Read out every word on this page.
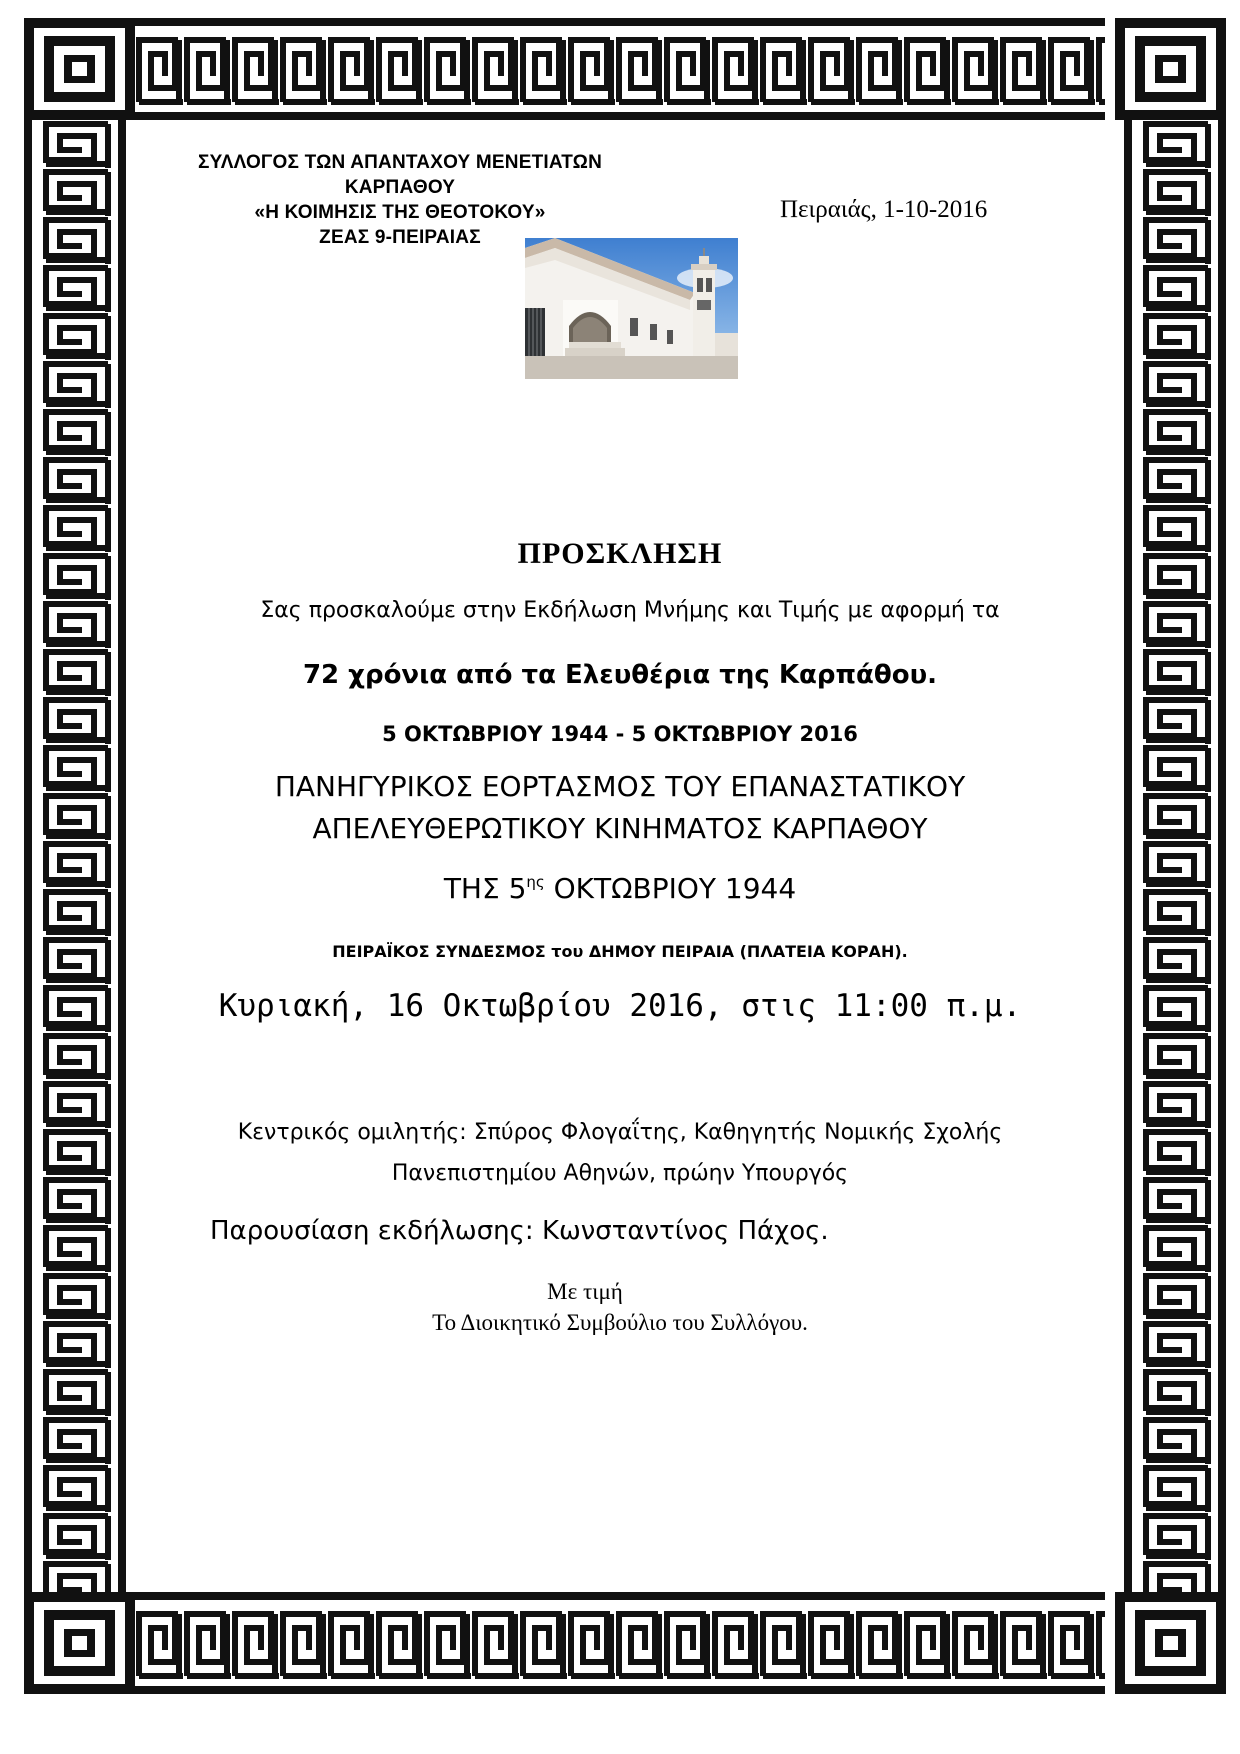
ΣΥΛΛΟΓΟΣ ΤΩΝ ΑΠΑΝΤΑΧΟΥ ΜΕΝΕΤΙΑΤΩΝ
ΚΑΡΠΑΘΟΥ
«Η ΚΟΙΜΗΣΙΣ ΤΗΣ ΘΕΟΤΟΚΟΥ»
ΖΕΑΣ 9-ΠΕΙΡΑΙΑΣ
Πειραιάς, 1-10-2016
ΠΡΟΣΚΛΗΣΗ
Σας προσκαλούμε στην Εκδήλωση Μνήμης και Τιμής με αφορμή τα
72 χρόνια από τα Ελευθέρια της Καρπάθου.
5 ΟΚΤΩΒΡΙΟΥ 1944 - 5 ΟΚΤΩΒΡΙΟΥ 2016
ΠΑΝΗΓΥΡΙΚΟΣ ΕΟΡΤΑΣΜΟΣ ΤΟΥ ΕΠΑΝΑΣΤΑΤΙΚΟΥ
ΑΠΕΛΕΥΘΕΡΩΤΙΚΟΥ ΚΙΝΗΜΑΤΟΣ ΚΑΡΠΑΘΟΥ
ΤΗΣ $5^{\eta\varsigma}$ ΟΚΤΩΒΡΙΟΥ 1944
ΠΕΙΡΑΪΚΟΣ ΣΥΝΔΕΣΜΟΣ του ΔΗΜΟΥ ΠΕΙΡΑΙΑ (ΠΛΑΤΕΙΑ ΚΟΡΑΗ).
Κυριακή, 16 Οκτωβρίου 2016, στις 11:00 π.μ.
Κεντρικός ομιλητής: Σπύρος Φλογαΐτης, Καθηγητής Νομικής Σχολής
Πανεπιστημίου Αθηνών, πρώην Υπουργός
Παρουσίαση εκδήλωσης: Κωνσταντίνος Πάχος.
Με τιμή
Το Διοικητικό Συμβούλιο του Συλλόγου.
